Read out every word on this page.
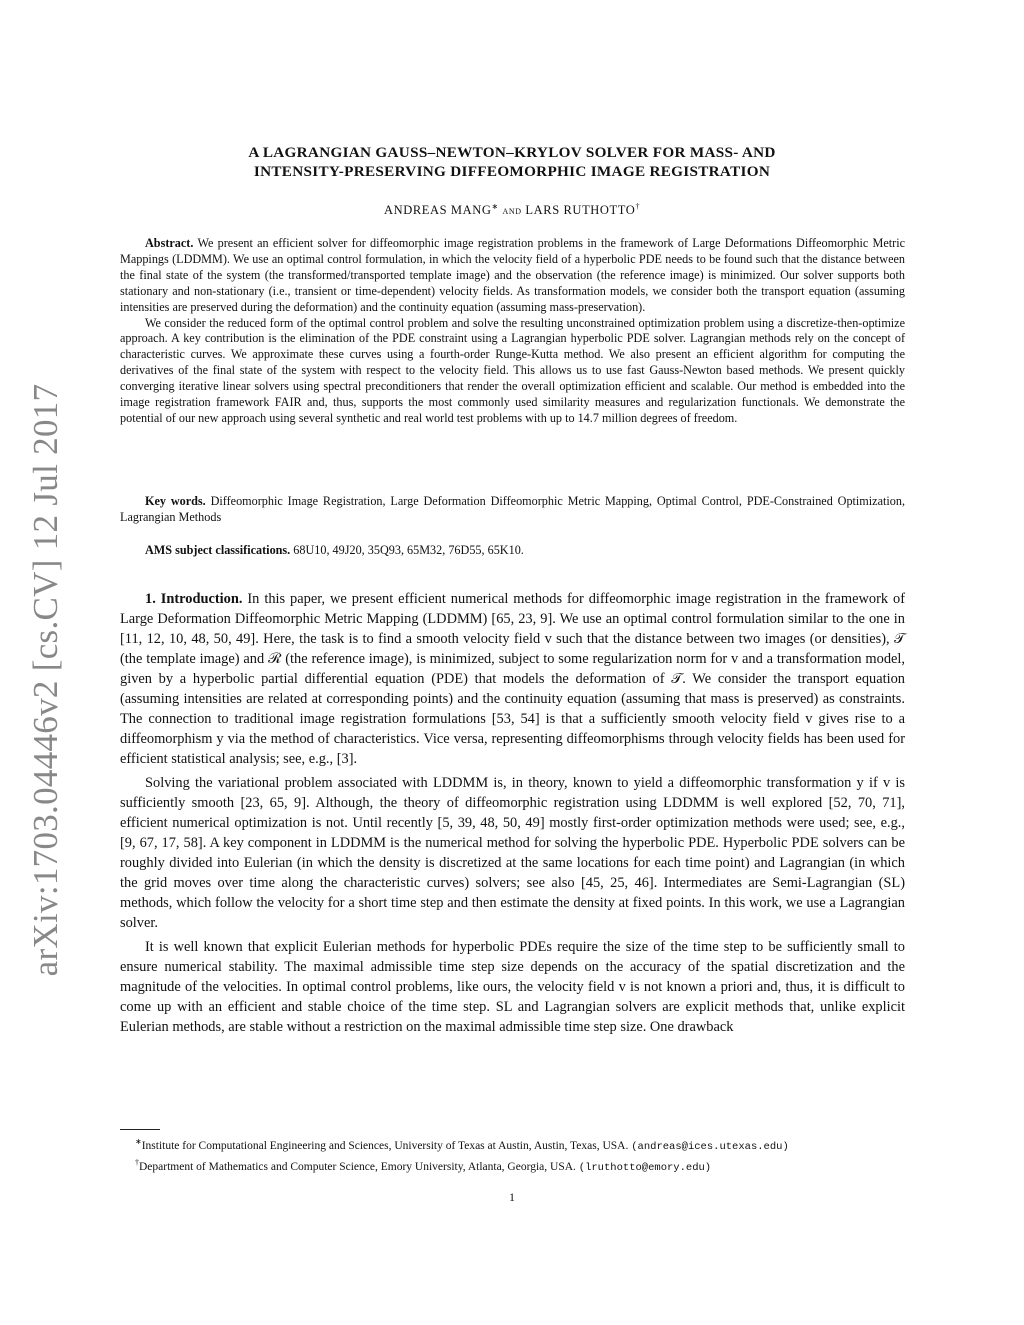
arXiv:1703.04446v2 [cs.CV] 12 Jul 2017
A LAGRANGIAN GAUSS–NEWTON–KRYLOV SOLVER FOR MASS- AND
INTENSITY-PRESERVING DIFFEOMORPHIC IMAGE REGISTRATION
ANDREAS MANG∗ and LARS RUTHOTTO†

Abstract. We present an efficient solver for diffeomorphic image registration problems in the framework of Large Deformations Diffeomorphic Metric Mappings (LDDMM). We use an optimal control formulation, in which the velocity field of a hyperbolic PDE needs to be found such that the distance between the final state of the system (the transformed/transported template image) and the observation (the reference image) is minimized. Our solver supports both stationary and non-stationary (i.e., transient or time-dependent) velocity fields. As transformation models, we consider both the transport equation (assuming intensities are preserved during the deformation) and the continuity equation (assuming mass-preservation).

We consider the reduced form of the optimal control problem and solve the resulting unconstrained optimization problem using a discretize-then-optimize approach. A key contribution is the elimination of the PDE constraint using a Lagrangian hyperbolic PDE solver. Lagrangian methods rely on the concept of characteristic curves. We approximate these curves using a fourth-order Runge-Kutta method. We also present an efficient algorithm for computing the derivatives of the final state of the system with respect to the velocity field. This allows us to use fast Gauss-Newton based methods. We present quickly converging iterative linear solvers using spectral preconditioners that render the overall optimization efficient and scalable. Our method is embedded into the image registration framework FAIR and, thus, supports the most commonly used similarity measures and regularization functionals. We demonstrate the potential of our new approach using several synthetic and real world test problems with up to 14.7 million degrees of freedom.

Key words. Diffeomorphic Image Registration, Large Deformation Diffeomorphic Metric Mapping, Optimal Control, PDE-Constrained Optimization, Lagrangian Methods
AMS subject classifications. 68U10, 49J20, 35Q93, 65M32, 76D55, 65K10.

1. Introduction. In this paper, we present efficient numerical methods for diffeomorphic image registration in the framework of Large Deformation Diffeomorphic Metric Mapping (LDDMM) [65, 23, 9]. We use an optimal control formulation similar to the one in [11, 12, 10, 48, 50, 49]. Here, the task is to find a smooth velocity field v such that the distance between two images (or densities), 𝒯 (the template image) and ℛ (the reference image), is minimized, subject to some regularization norm for v and a transformation model, given by a hyperbolic partial differential equation (PDE) that models the deformation of 𝒯. We consider the transport equation (assuming intensities are related at corresponding points) and the continuity equation (assuming that mass is preserved) as constraints. The connection to traditional image registration formulations [53, 54] is that a sufficiently smooth velocity field v gives rise to a diffeomorphism y via the method of characteristics. Vice versa, representing diffeomorphisms through velocity fields has been used for efficient statistical analysis; see, e.g., [3].

Solving the variational problem associated with LDDMM is, in theory, known to yield a diffeomorphic transformation y if v is sufficiently smooth [23, 65, 9]. Although, the theory of diffeomorphic registration using LDDMM is well explored [52, 70, 71], efficient numerical optimization is not. Until recently [5, 39, 48, 50, 49] mostly first-order optimization methods were used; see, e.g., [9, 67, 17, 58]. A key component in LDDMM is the numerical method for solving the hyperbolic PDE. Hyperbolic PDE solvers can be roughly divided into Eulerian (in which the density is discretized at the same locations for each time point) and Lagrangian (in which the grid moves over time along the characteristic curves) solvers; see also [45, 25, 46]. Intermediates are Semi-Lagrangian (SL) methods, which follow the velocity for a short time step and then estimate the density at fixed points. In this work, we use a Lagrangian solver.

It is well known that explicit Eulerian methods for hyperbolic PDEs require the size of the time step to be sufficiently small to ensure numerical stability. The maximal admissible time step size depends on the accuracy of the spatial discretization and the magnitude of the velocities. In optimal control problems, like ours, the velocity field v is not known a priori and, thus, it is difficult to come up with an efficient and stable choice of the time step. SL and Lagrangian solvers are explicit methods that, unlike explicit Eulerian methods, are stable without a restriction on the maximal admissible time step size. One drawback

∗Institute for Computational Engineering and Sciences, University of Texas at Austin, Austin, Texas, USA. (andreas@ices.utexas.edu)

†Department of Mathematics and Computer Science, Emory University, Atlanta, Georgia, USA. (lruthotto@emory.edu)

1
